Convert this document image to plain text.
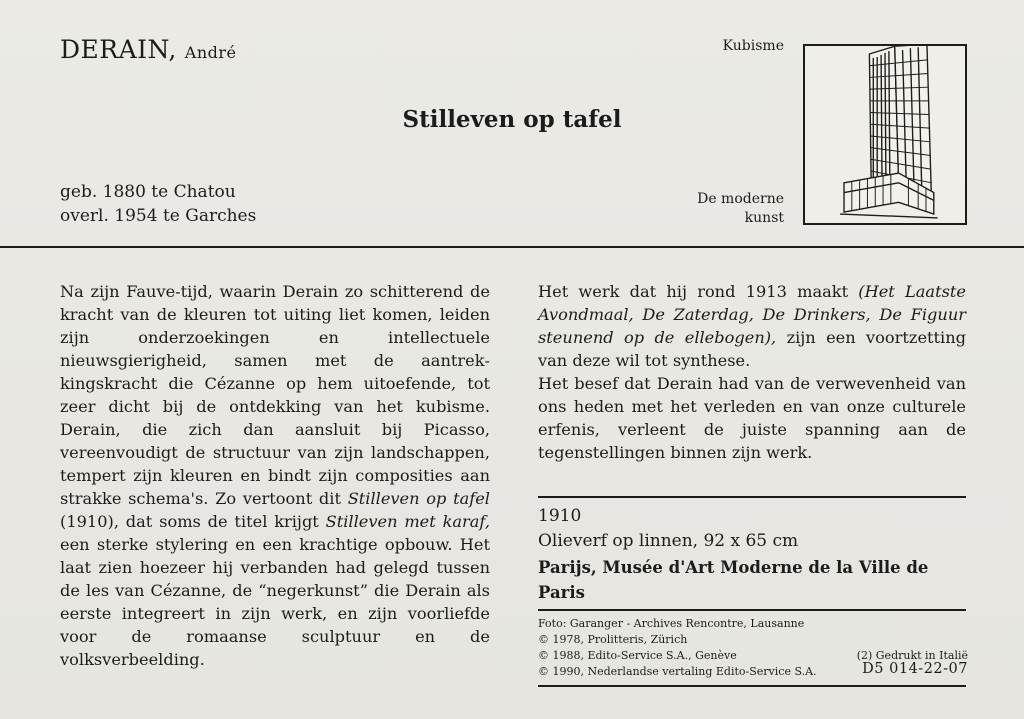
DERAIN, André
Stilleven op tafel
geb. 1880 te Chatou
overl. 1954 te Garches
Kubisme
De moderne
kunst

Na zijn Fauve-tijd, waarin Derain zo schitterend de kracht van de kleuren tot uiting liet komen, leiden zijn onderzoekingen en intellectuele nieuwsgierigheid, samen met de aantrekkingskracht die Cézanne op hem uitoefende, tot zeer dicht bij de ontdekking van het kubisme. Derain, die zich dan aansluit bij Picasso, vereenvoudigt de structuur van zijn landschappen, tempert zijn kleuren en bindt zijn composities aan strakke schema's. Zo vertoont dit Stilleven op tafel (1910), dat soms de titel krijgt Stilleven met karaf, een sterke stylering en een krachtige opbouw. Het laat zien hoezeer hij verbanden had gelegd tussen de les van Cézanne, de “negerkunst” die Derain als eerste integreert in zijn werk, en zijn voorliefde voor de romaanse sculptuur en de volksverbeelding.

Het werk dat hij rond 1913 maakt (Het Laatste Avondmaal, De Zaterdag, De Drinkers, De Figuur steunend op de ellebogen), zijn een voortzetting van deze wil tot synthese.

Het besef dat Derain had van de verwevenheid van ons heden met het verleden en van onze culturele erfenis, verleent de juiste spanning aan de tegenstellingen binnen zijn werk.

1910
Olieverf op linnen, 92 x 65 cm
Parijs, Musée d'Art Moderne de la Ville de Paris
Foto: Garanger - Archives Rencontre, Lausanne
© 1978, Prolitteris, Zürich
© 1988, Edito-Service S.A., Genève	(2) Gedrukt in Italië
© 1990, Nederlandse vertaling Edito-Service S.A.	D5 014-22-07
